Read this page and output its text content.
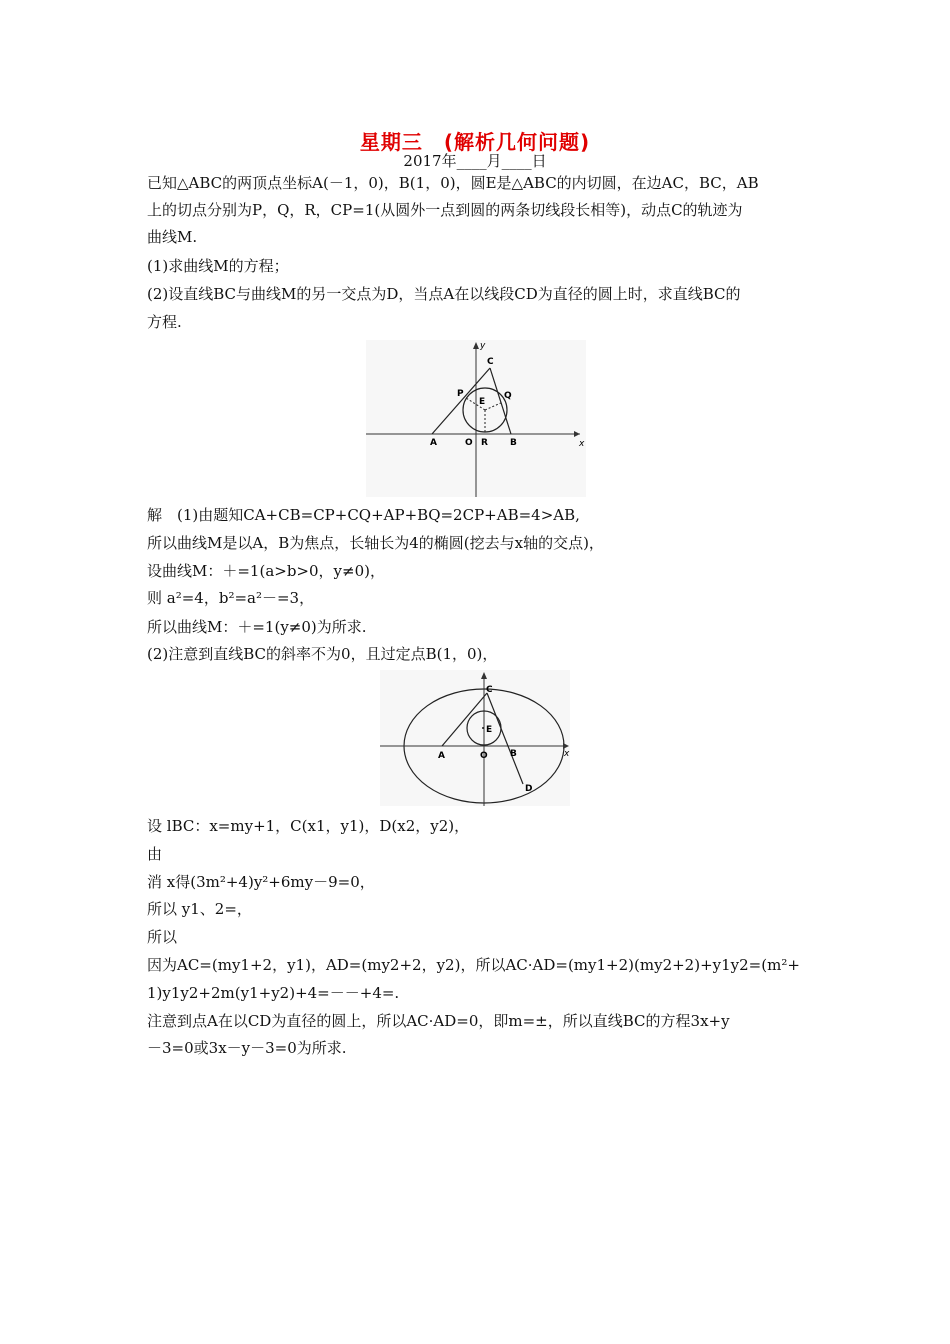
星期三　(解析几何问题)
2017年____月____日
已知△ABC的两顶点坐标A(－1，0)，B(1，0)，圆E是△ABC的内切圆，在边AC，BC，AB
上的切点分别为P，Q，R，CP=1(从圆外一点到圆的两条切线段长相等)，动点C的轨迹为
曲线M.
(1)求曲线M的方程；
(2)设直线BC与曲线M的另一交点为D，当点A在以线段CD为直径的圆上时，求直线BC的
方程.
y
x
C
P	Q
E
A	O R B
解　(1)由题知CA+CB=CP+CQ+AP+BQ=2CP+AB=4>AB,
所以曲线M是以A，B为焦点，长轴长为4的椭圆(挖去与x轴的交点)，
设曲线M：＋=1(a>b>0，y≠0)，
则 a²=4，b²=a²－=3，
所以曲线M：＋=1(y≠0)为所求.
(2)注意到直线BC的斜率不为0，且过定点B(1，0)，
C
E
A	O B	x
D
设 lBC：x=my+1，C(x1，y1)，D(x2，y2)，
由
消 x得(3m²+4)y²+6my－9=0，
所以 y1、2=，
所以
因为AC=(my1+2，y1)，AD=(my2+2，y2)，所以AC·AD=(my1+2)(my2+2)+y1y2=(m²+
1)y1y2+2m(y1+y2)+4=－－+4=.
注意到点A在以CD为直径的圆上，所以AC·AD=0，即m=±，所以直线BC的方程3x+y
－3=0或3x－y－3=0为所求.
